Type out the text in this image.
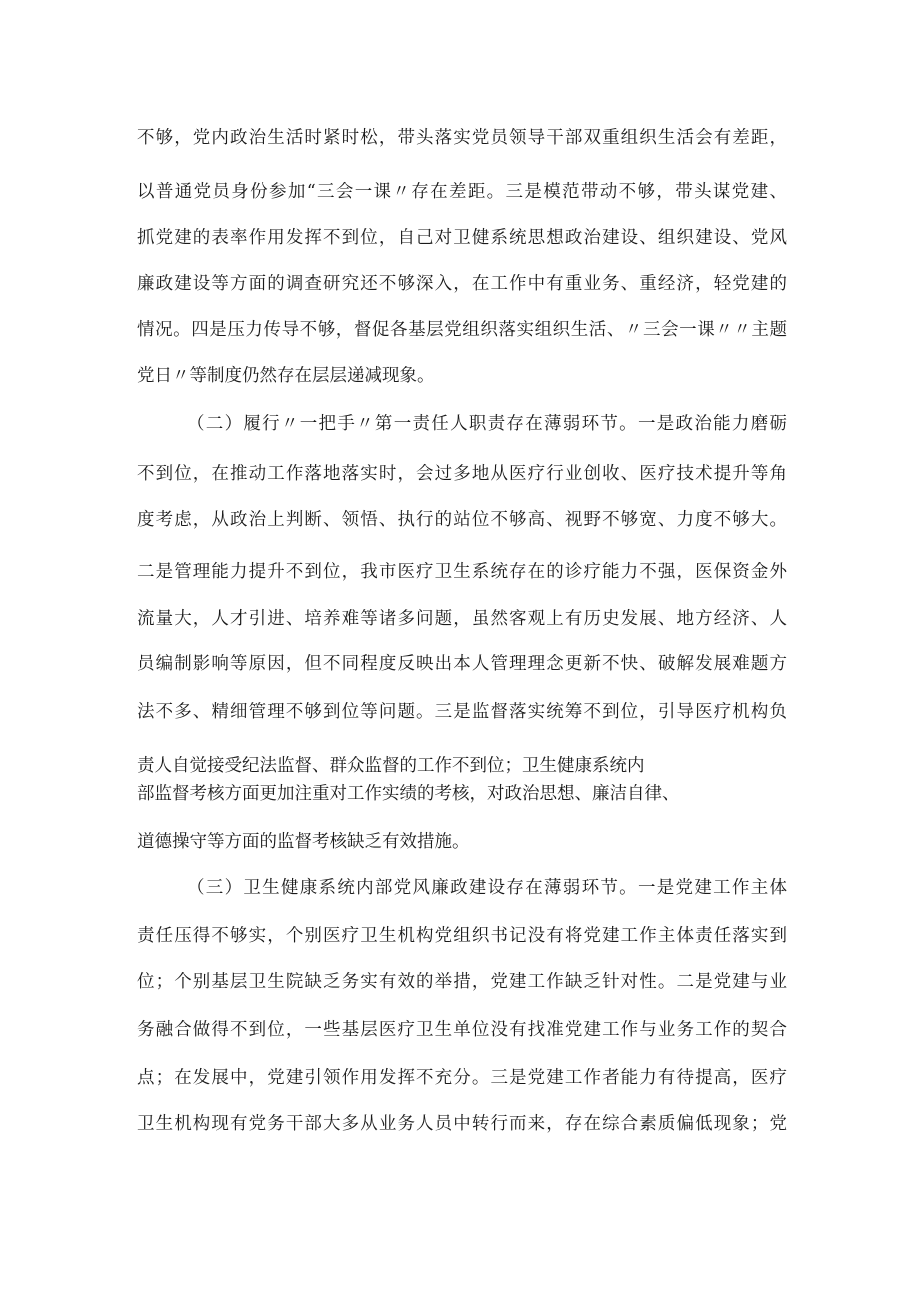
不够，党内政治生活时紧时松，带头落实党员领导干部双重组织生活会有差距，
以普通党员身份参加“三会一课〃存在差距。三是模范带动不够，带头谋党建、
抓党建的表率作用发挥不到位，自己对卫健系统思想政治建设、组织建设、党风
廉政建设等方面的调查研究还不够深入，在工作中有重业务、重经济，轻党建的
情况。四是压力传导不够，督促各基层党组织落实组织生活、〃三会一课〃〃主题
党日〃等制度仍然存在层层递减现象。
（二）履行〃一把手〃第一责任人职责存在薄弱环节。一是政治能力磨砺
不到位，在推动工作落地落实时，会过多地从医疗行业创收、医疗技术提升等角
度考虑，从政治上判断、领悟、执行的站位不够高、视野不够宽、力度不够大。
二是管理能力提升不到位，我市医疗卫生系统存在的诊疗能力不强，医保资金外
流量大，人才引进、培养难等诸多问题，虽然客观上有历史发展、地方经济、人
员编制影响等原因，但不同程度反映出本人管理理念更新不快、破解发展难题方
法不多、精细管理不够到位等问题。三是监督落实统筹不到位，引导医疗机构负
责人自觉接受纪法监督、群众监督的工作不到位；卫生健康系统内
部监督考核方面更加注重对工作实绩的考核，对政治思想、廉洁自律、
道德操守等方面的监督考核缺乏有效措施。
（三）卫生健康系统内部党风廉政建设存在薄弱环节。一是党建工作主体
责任压得不够实，个别医疗卫生机构党组织书记没有将党建工作主体责任落实到
位；个别基层卫生院缺乏务实有效的举措，党建工作缺乏针对性。二是党建与业
务融合做得不到位，一些基层医疗卫生单位没有找准党建工作与业务工作的契合
点；在发展中，党建引领作用发挥不充分。三是党建工作者能力有待提高，医疗
卫生机构现有党务干部大多从业务人员中转行而来，存在综合素质偏低现象；党
